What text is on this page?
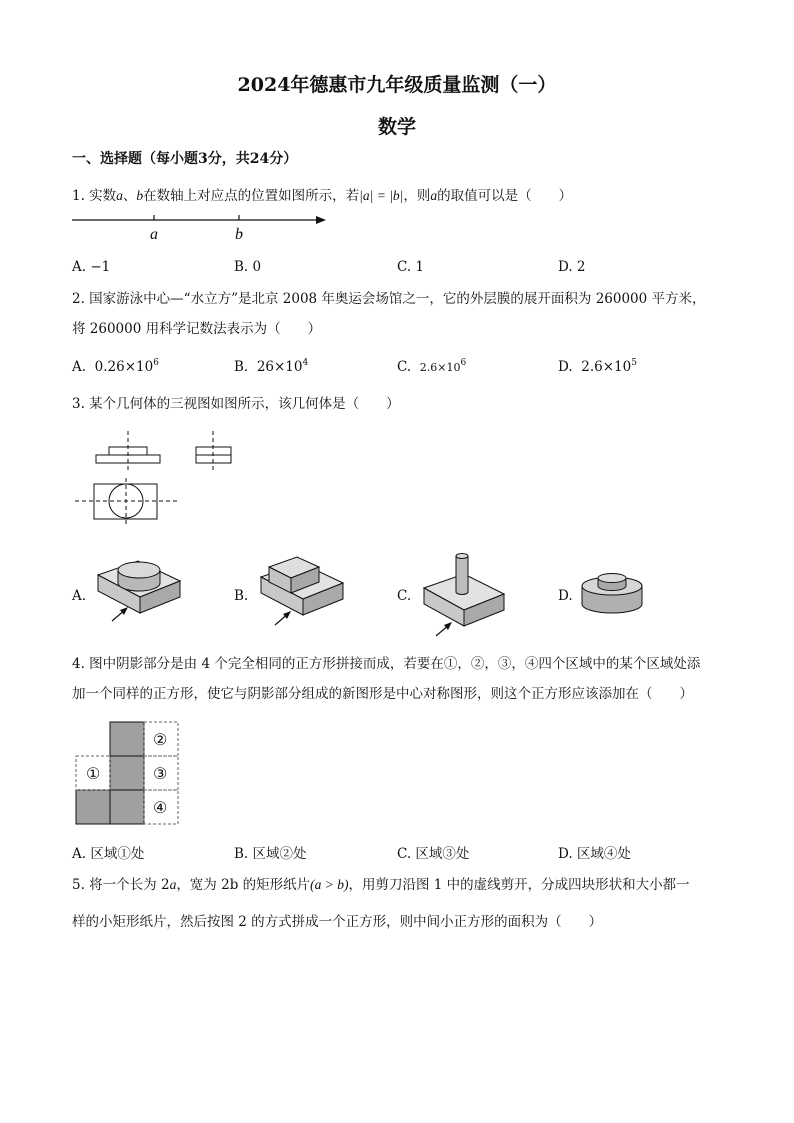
2024年德惠市九年级质量监测（一）
数学
一、选择题（每小题3分，共24分）
1. 实数a、b在数轴上对应点的位置如图所示，若|a| = |b|，则a的取值可以是（　　）
a	b
A. −1	B. 0	C. 1	D. 2
2. 国家游泳中心—“水立方”是北京 2008 年奥运会场馆之一，它的外层膜的展开面积为 260000 平方米，
将 260000 用科学记数法表示为（　　）
A. $0.26\times 10^6$	B. $26\times 10^4$	C. $2.6\times 10^6$	D. $2.6\times 10^5$
3. 某个几何体的三视图如图所示，该几何体是（　　）
A.	B.	C.	D.
4. 图中阴影部分是由 4 个完全相同的正方形拼接而成，若要在①，②，③，④四个区域中的某个区域处添
加一个同样的正方形，使它与阴影部分组成的新图形是中心对称图形，则这个正方形应该添加在（　　）
①
②
③
④
A. 区域①处	B. 区域②处	C. 区域③处	D. 区域④处
5. 将一个长为 2a，宽为 2b 的矩形纸片(a > b)，用剪刀沿图 1 中的虚线剪开，分成四块形状和大小都一
样的小矩形纸片，然后按图 2 的方式拼成一个正方形，则中间小正方形的面积为（　　）
